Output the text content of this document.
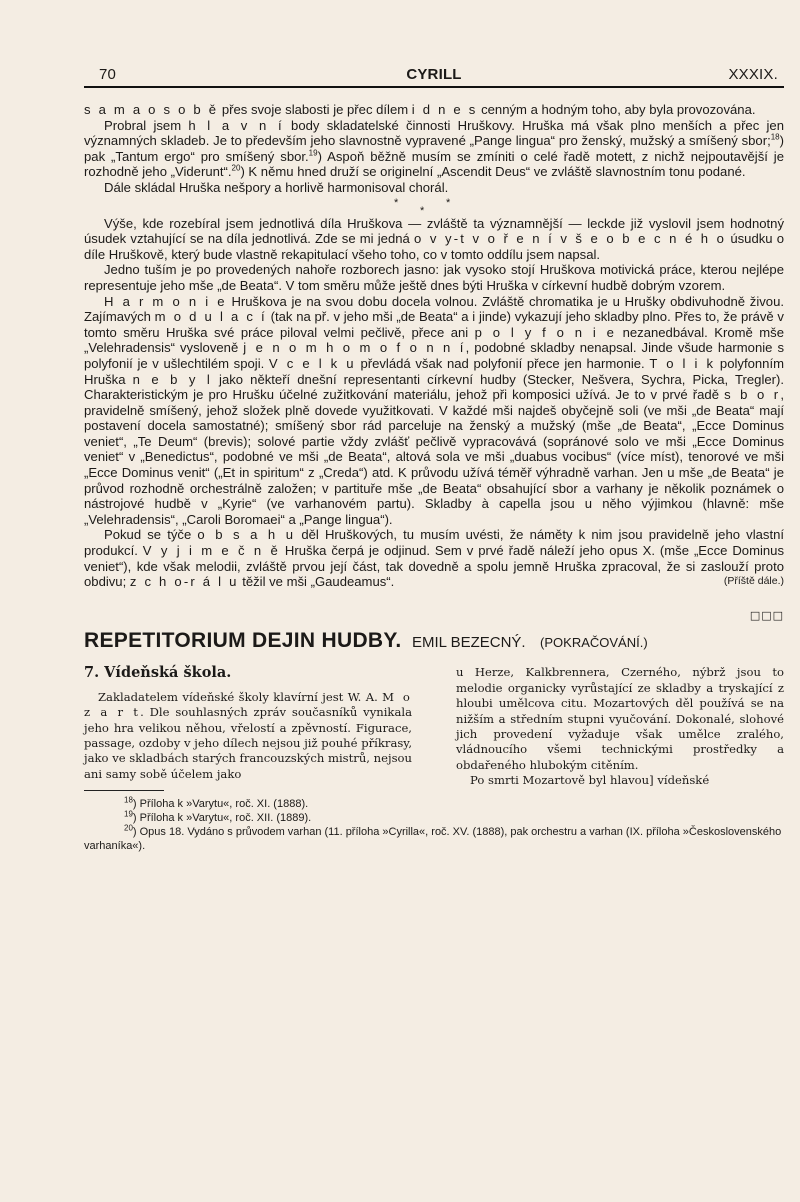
70	CYRILL	XXXIX.

s a m a o s o b ě přes svoje slabosti je přec dílem i d n e s cenným a hodným toho, aby byla provozována.

Probral jsem h l a v n í body skladatelské činnosti Hruškovy. Hruška má však plno menších a přec jen významných skladeb. Je to především jeho slavnostně vypravené „Pange lingua“ pro ženský, mužský a smíšený sbor;$^{18}$) pak „Tantum ergo“ pro smíšený sbor.$^{19}$) Aspoň běžně musím se zmíniti o celé řadě motett, z nichž nejpoutavější je rozhodně jeho „Viderunt“.$^{20}$) K němu hned druží se originelní „Ascendit Deus“ ve zvláště slavnostním tonu podané.

Dále skládal Hruška nešpory a horlivě harmonisoval chorál.

*	*
*

Výše, kde rozebíral jsem jednotlivá díla Hruškova — zvláště ta významnější — leckde již vyslovil jsem hodnotný úsudek vztahující se na díla jednotlivá. Zde se mi jedná o v y-t v o ř e n í v š e o b e c n é h o úsudku o díle Hruškově, který bude vlastně rekapitulací všeho toho, co v tomto oddílu jsem napsal.

Jedno tuším je po provedených nahoře rozborech jasno: jak vysoko stojí Hruškova motivická práce, kterou nejlépe representuje jeho mše „de Beata“. V tom směru může ještě dnes býti Hruška v církevní hudbě dobrým vzorem.

H a r m o n i e Hruškova je na svou dobu docela volnou. Zvláště chromatika je u Hrušky obdivuhodně živou. Zajímavých m o d u l a c í (tak na př. v jeho mši „de Beata“ a i jinde) vykazují jeho skladby plno. Přes to, že právě v tomto směru Hruška své práce piloval velmi pečlivě, přece ani p o l y f o n i e nezanedbával. Kromě mše „Velehradensis“ vysloveně j e n o m h o m o f o n n í, podobné skladby nenapsal. Jinde všude harmonie s polyfonií je v ušlechtilém spoji. V c e l k u převládá však nad polyfonií přece jen harmonie. T o l i k polyfonním Hruška n e b y l jako někteří dnešní representanti církevní hudby (Stecker, Nešvera, Sychra, Picka, Tregler). Charakteristickým je pro Hrušku účelné zužitkování materiálu, jehož při komposici užívá. Je to v prvé řadě s b o r, pravidelně smíšený, jehož složek plně dovede využitkovati. V každé mši najdeš obyčejně soli (ve mši „de Beata“ mají postavení docela samostatné); smíšený sbor rád parceluje na ženský a mužský (mše „de Beata“, „Ecce Dominus veniet“, „Te Deum“ (brevis); solové partie vždy zvlášť pečlivě vypracovává (sopránové solo ve mši „Ecce Dominus veniet“ v „Benedictus“, podobné ve mši „de Beata“, altová sola ve mši „duabus vocibus“ (více míst), tenorové ve mši „Ecce Dominus venit“ („Et in spiritum“ z „Creda“) atd. K průvodu užívá téměř výhradně varhan. Jen u mše „de Beata“ je průvod rozhodně orchestrálně založen; v partituře mše „de Beata“ obsahující sbor a varhany je několik poznámek o nástrojové hudbě v „Kyrie“ (ve varhanovém partu). Skladby à capella jsou u něho výjimkou (hlavně: mše „Velehradensis“, „Caroli Boromaei“ a „Pange lingua“).

Pokud se týče o b s a h u děl Hruškových, tu musím uvésti, že náměty k nim jsou pravidelně jeho vlastní produkcí. V y j i m e č n ě Hruška čerpá je odjinud. Sem v prvé řadě náleží jeho opus X. (mše „Ecce Dominus veniet“), kde však melodii, zvláště prvou její část, tak dovedně a spolu jemně Hruška zpracoval, že si zaslouží proto obdivu; z c h o-r á l u těžil ve mši „Gaudeamus“.	(Příště dále.)

□□□
REPETITORIUM DEJIN HUDBY. EMIL BEZECNÝ. (POKRAČOVÁNÍ.)
7. Vídeňská škola.

Zakladatelem vídeňské školy klavírní jest W. A. M o z a r t. Dle souhlasných zpráv současníků vynikala jeho hra velikou něhou, vřelostí a zpěvností. Figurace, passage, ozdoby v jeho dílech nejsou již pouhé příkrasy, jako ve skladbách starých francouzských mistrů, nejsou ani samy sobě účelem jako

u Herze, Kalkbrennera, Czerného, nýbrž jsou to melodie organicky vyrůstající ze skladby a tryskající z hloubi umělcova citu. Mozartových děl používá se na nižším a středním stupni vyučování. Dokonalé, slohové jich provedení vyžaduje však umělce zralého, vládnoucího všemi technickými prostředky a obdařeného hlubokým citěním.

Po smrti Mozartově byl hlavou] vídeňské

$^{18}$) Příloha k »Varytu«, roč. XI. (1888).

$^{19}$) Příloha k »Varytu«, roč. XII. (1889).

$^{20}$) Opus 18. Vydáno s průvodem varhan (11. příloha »Cyrilla«, roč. XV. (1888), pak orchestru a varhan (IX. příloha »Československého varhaníka«).
